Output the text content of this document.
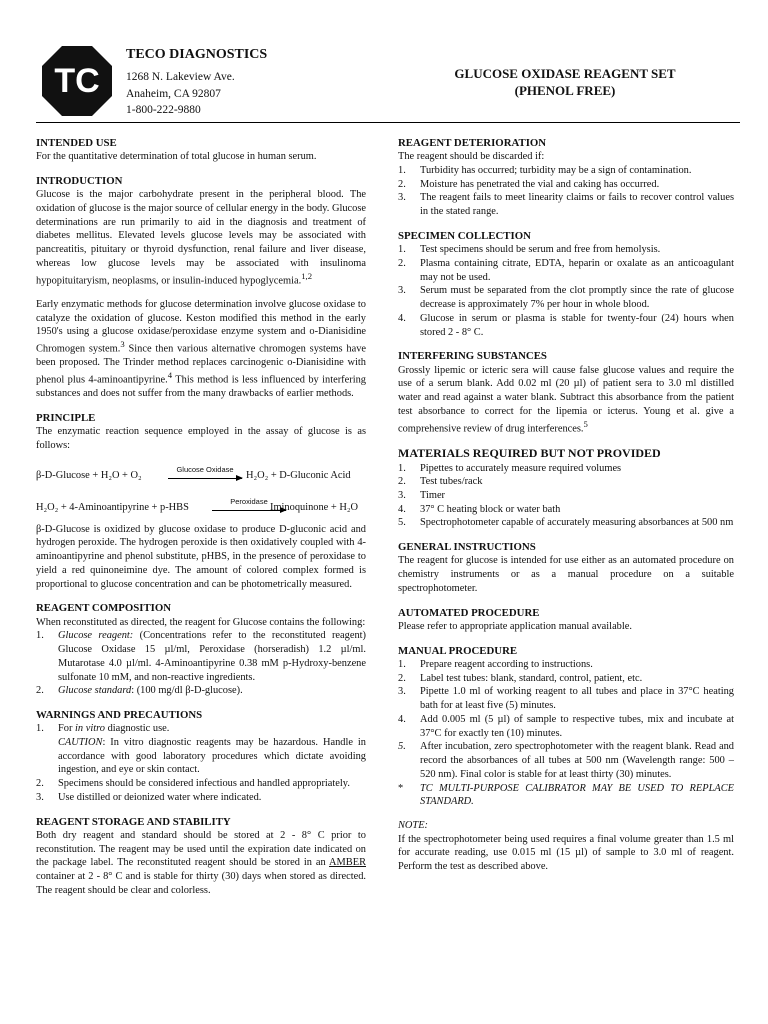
TC
TECO DIAGNOSTICS
1268 N. Lakeview Ave.
Anaheim, CA 92807
1-800-222-9880
GLUCOSE OXIDASE REAGENT SET
(PHENOL FREE)
INTENDED USE

For the quantitative determination of total glucose in human serum.

INTRODUCTION

Glucose is the major carbohydrate present in the peripheral blood. The oxidation of glucose is the major source of cellular energy in the body. Glucose determinations are run primarily to aid in the diagnosis and treatment of diabetes mellitus. Elevated levels glucose levels may be associated with pancreatitis, pituitary or thyroid dysfunction, renal failure and liver disease, whereas low glucose levels may be associated with insulinoma hypopituitaryism, neoplasms, or insulin-induced hypoglycemia.$^{1,2}$

Early enzymatic methods for glucose determination involve glucose oxidase to catalyze the oxidation of glucose. Keston modified this method in the early 1950's using a glucose oxidase/peroxidase enzyme system and o-Dianisidine Chromogen system.$^3$ Since then various alternative chromogen systems have been proposed. The Trinder method replaces carcinogenic o-Dianisidine with phenol plus 4-aminoantipyrine.$^4$ This method is less influenced by interfering substances and does not suffer from the many drawbacks of earlier methods.

PRINCIPLE

The enzymatic reaction sequence employed in the assay of glucose is as follows:

β-D-Glucose + H₂O + O₂
Glucose Oxidase
H₂O₂ + D-Gluconic Acid
H₂O₂ + 4-Aminoantipyrine + p-HBS
Peroxidase
Iminoquinone + H₂O

β-D-Glucose is oxidized by glucose oxidase to produce D-gluconic acid and hydrogen peroxide. The hydrogen peroxide is then oxidatively coupled with 4-aminoantipyrine and phenol substitute, pHBS, in the presence of peroxidase to yield a red quinoneimine dye. The amount of colored complex formed is proportional to glucose concentration and can be photometrically measured.

REAGENT COMPOSITION

When reconstituted as directed, the reagent for Glucose contains the following:

1.	Glucose reagent: (Concentrations refer to the reconstituted reagent) Glucose Oxidase 15 µl/ml, Peroxidase (horseradish) 1.2 µl/ml. Mutarotase 4.0 µl/ml. 4-Aminoantipyrine 0.38 mM p-Hydroxy-benzene sulfonate 10 mM, and non-reactive ingredients.
2.	Glucose standard: (100 mg/dl β-D-glucose).
WARNINGS AND PRECAUTIONS
1.	For in vitro diagnostic use.
CAUTION: In vitro diagnostic reagents may be hazardous. Handle in accordance with good laboratory procedures which dictate avoiding ingestion, and eye or skin contact.
2.	Specimens should be considered infectious and handled appropriately.
3.	Use distilled or deionized water where indicated.
REAGENT STORAGE AND STABILITY

Both dry reagent and standard should be stored at 2 - 8° C prior to reconstitution. The reagent may be used until the expiration date indicated on the package label. The reconstituted reagent should be stored in an AMBER container at 2 - 8° C and is stable for thirty (30) days when stored as directed. The reagent should be clear and colorless.

REAGENT DETERIORATION

The reagent should be discarded if:

1.	Turbidity has occurred; turbidity may be a sign of contamination.
2.	Moisture has penetrated the vial and caking has occurred.
3.	The reagent fails to meet linearity claims or fails to recover control values in the stated range.
SPECIMEN COLLECTION
1.	Test specimens should be serum and free from hemolysis.
2.	Plasma containing citrate, EDTA, heparin or oxalate as an anticoagulant may not be used.
3.	Serum must be separated from the clot promptly since the rate of glucose decrease is approximately 7% per hour in whole blood.
4.	Glucose in serum or plasma is stable for twenty-four (24) hours when stored 2 - 8° C.
INTERFERING SUBSTANCES

Grossly lipemic or icteric sera will cause false glucose values and require the use of a serum blank. Add 0.02 ml (20 µl) of patient sera to 3.0 ml distilled water and read against a water blank. Subtract this absorbance from the patient test absorbance to correct for the lipemia or icterus. Young et al. give a comprehensive review of drug interferences.$^5$

MATERIALS REQUIRED BUT NOT PROVIDED
1.	Pipettes to accurately measure required volumes
2.	Test tubes/rack
3.	Timer
4.	37° C heating block or water bath
5.	Spectrophotometer capable of accurately measuring absorbances at 500 nm
GENERAL INSTRUCTIONS

The reagent for glucose is intended for use either as an automated procedure on chemistry instruments or as a manual procedure on a suitable spectrophotometer.

AUTOMATED PROCEDURE

Please refer to appropriate application manual available.

MANUAL PROCEDURE
1.	Prepare reagent according to instructions.
2.	Label test tubes: blank, standard, control, patient, etc.
3.	Pipette 1.0 ml of working reagent to all tubes and place in 37°C heating bath for at least five (5) minutes.
4.	Add 0.005 ml (5 µl) of sample to respective tubes, mix and incubate at 37°C for exactly ten (10) minutes.
5.	After incubation, zero spectrophotometer with the reagent blank. Read and record the absorbances of all tubes at 500 nm (Wavelength range: 500 – 520 nm). Final color is stable for at least thirty (30) minutes.
*	TC MULTI-PURPOSE CALIBRATOR MAY BE USED TO REPLACE STANDARD.

NOTE:

If the spectrophotometer being used requires a final volume greater than 1.5 ml for accurate reading, use 0.015 ml (15 µl) of sample to 3.0 ml of reagent. Perform the test as described above.
